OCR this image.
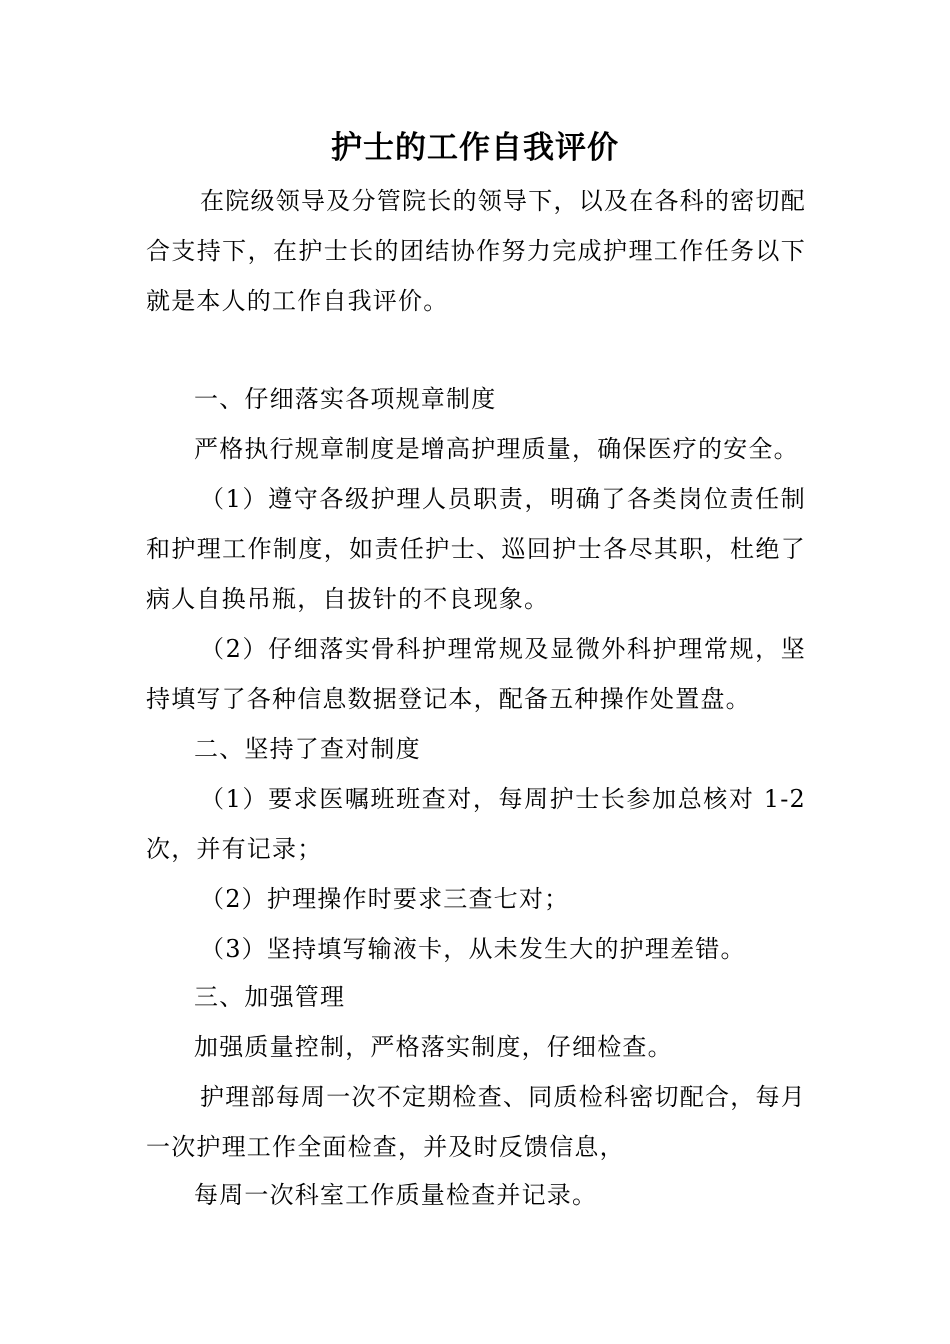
护士的工作自我评价

在院级领导及分管院长的领导下，以及在各科的密切配合支持下，在护士长的团结协作努力完成护理工作任务以下就是本人的工作自我评价。

一、仔细落实各项规章制度

严格执行规章制度是增高护理质量，确保医疗的安全。

（1）遵守各级护理人员职责，明确了各类岗位责任制和护理工作制度，如责任护士、巡回护士各尽其职，杜绝了病人自换吊瓶，自拔针的不良现象。

（2）仔细落实骨科护理常规及显微外科护理常规，坚持填写了各种信息数据登记本，配备五种操作处置盘。

二、坚持了查对制度

（1）要求医嘱班班查对，每周护士长参加总核对 1-2 次，并有记录；

（2）护理操作时要求三查七对；

（3）坚持填写输液卡，从未发生大的护理差错。

三、加强管理

加强质量控制，严格落实制度，仔细检查。

护理部每周一次不定期检查、同质检科密切配合，每月一次护理工作全面检查，并及时反馈信息，

每周一次科室工作质量检查并记录。
